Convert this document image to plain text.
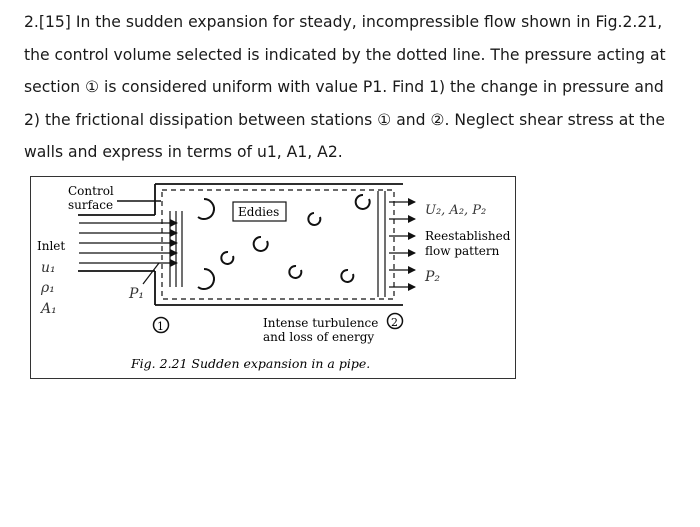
2.[15] In the sudden expansion for steady, incompressible flow shown in Fig.2.21,
the control volume selected is indicated by the dotted line. The pressure acting at
section ① is considered uniform with value P1. Find 1) the change in pressure and
2) the frictional dissipation between stations ① and ②. Neglect shear stress at the
walls and express in terms of u1, A1, A2.
Eddies
1	2
Control
surface
Inlet
u₁
ρ₁
A₁
P₁
Intense turbulence
and loss of energy
U₂, A₂, P₂
Reestablished
flow pattern
P₂
Fig. 2.21 Sudden expansion in a pipe.
